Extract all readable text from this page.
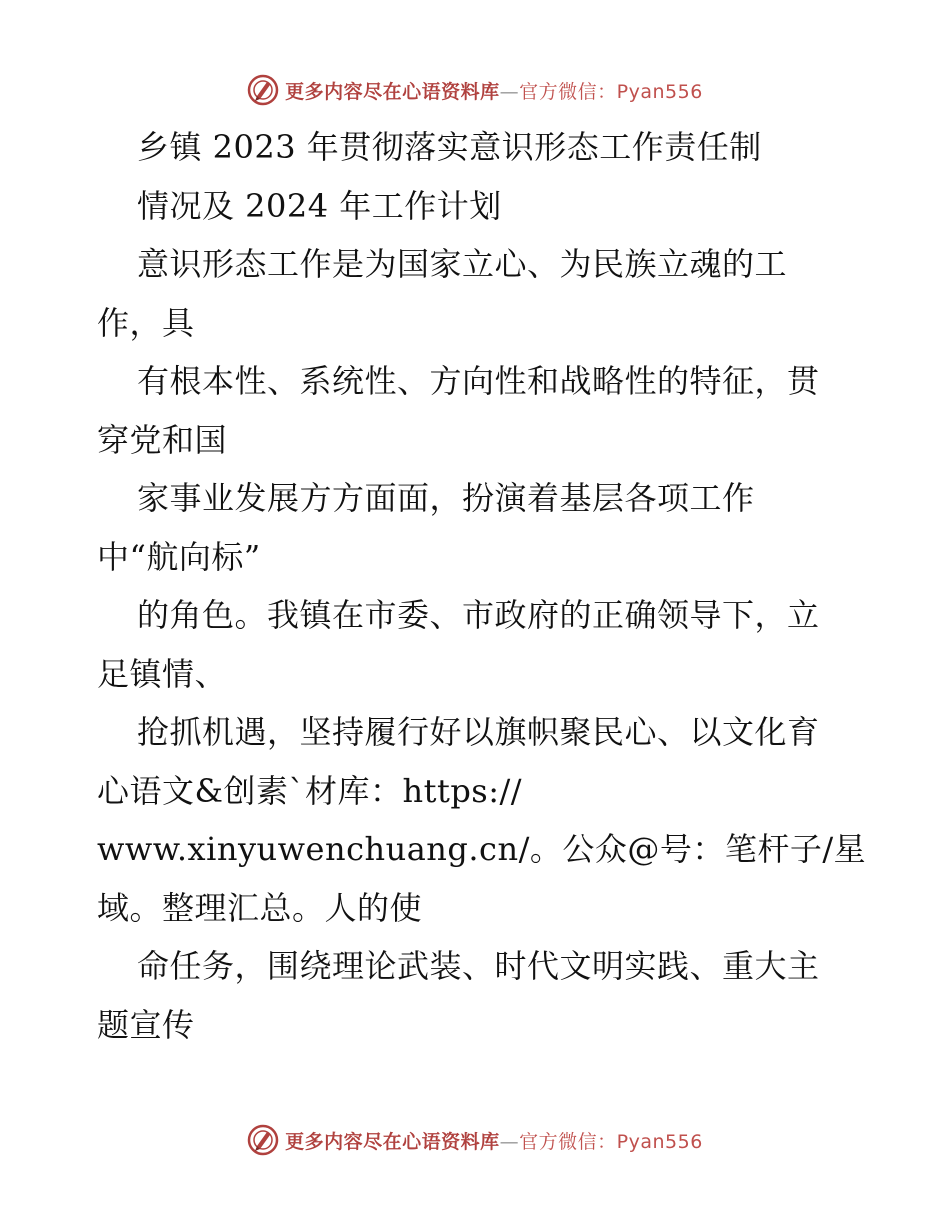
更多内容尽在心语资料库—官方微信：Pyan556
乡镇 2023 年贯彻落实意识形态工作责任制
情况及 2024 年工作计划
意识形态工作是为国家立心、为民族立魂的工
作，具
有根本性、系统性、方向性和战略性的特征，贯
穿党和国
家事业发展方方面面，扮演着基层各项工作
中“航向标”
的角色。我镇在市委、市政府的正确领导下，立
足镇情、
抢抓机遇，坚持履行好以旗帜聚民心、以文化育
心语文&创素`材库：https://
www.xinyuwenchuang.cn/。公众@号：笔杆子/星
域。整理汇总。人的使
命任务，围绕理论武装、时代文明实践、重大主
题宣传
更多内容尽在心语资料库—官方微信：Pyan556
